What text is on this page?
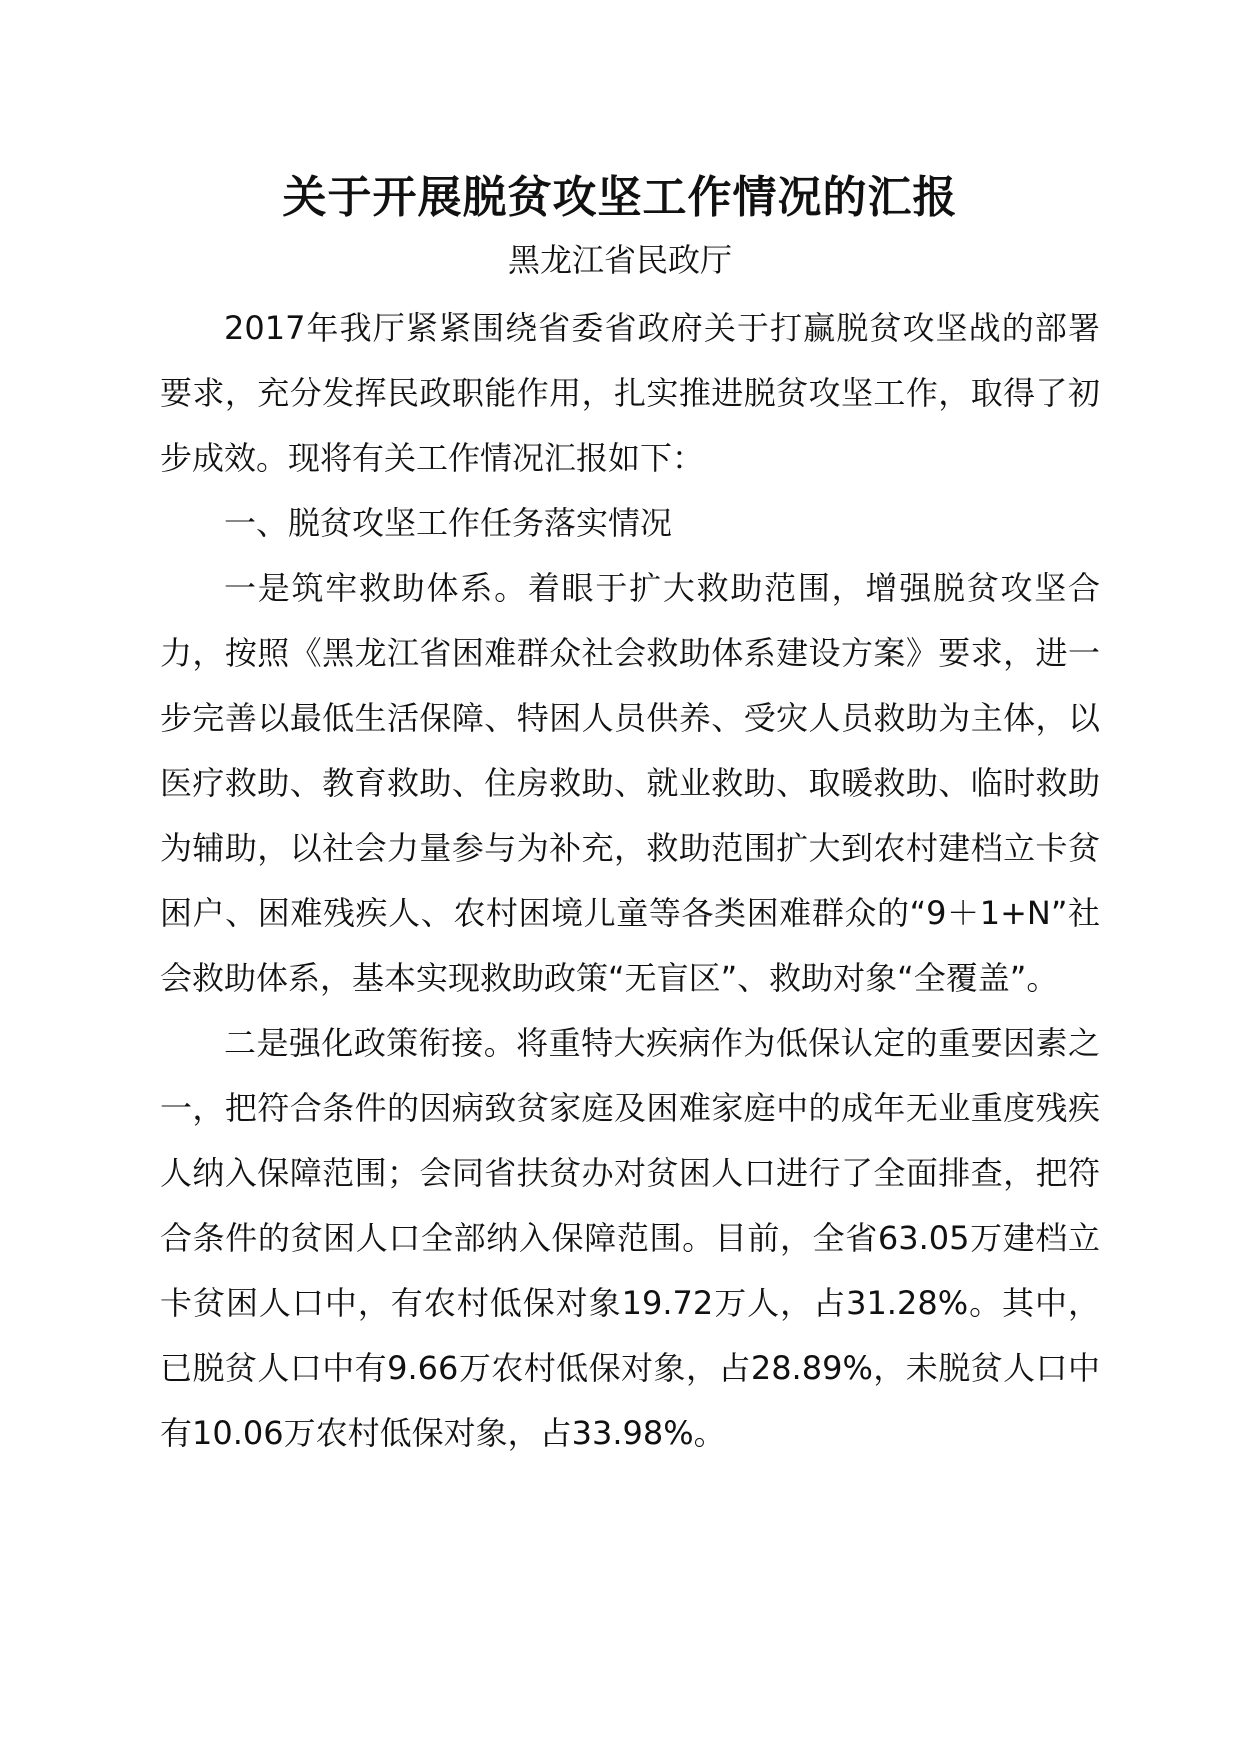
关于开展脱贫攻坚工作情况的汇报
黑龙江省民政厅

2017年我厅紧紧围绕省委省政府关于打赢脱贫攻坚战的部署要求，充分发挥民政职能作用，扎实推进脱贫攻坚工作，取得了初步成效。现将有关工作情况汇报如下：

一、脱贫攻坚工作任务落实情况

一是筑牢救助体系。着眼于扩大救助范围，增强脱贫攻坚合力，按照《黑龙江省困难群众社会救助体系建设方案》要求，进一步完善以最低生活保障、特困人员供养、受灾人员救助为主体，以医疗救助、教育救助、住房救助、就业救助、取暖救助、临时救助为辅助，以社会力量参与为补充，救助范围扩大到农村建档立卡贫困户、困难残疾人、农村困境儿童等各类困难群众的“9＋1+N”社会救助体系，基本实现救助政策“无盲区”、救助对象“全覆盖”。

二是强化政策衔接。将重特大疾病作为低保认定的重要因素之一，把符合条件的因病致贫家庭及困难家庭中的成年无业重度残疾人纳入保障范围；会同省扶贫办对贫困人口进行了全面排查，把符合条件的贫困人口全部纳入保障范围。目前，全省63.05万建档立卡贫困人口中，有农村低保对象19.72万人，占31.28%。其中，已脱贫人口中有9.66万农村低保对象，占28.89%，未脱贫人口中有10.06万农村低保对象，占33.98%。
